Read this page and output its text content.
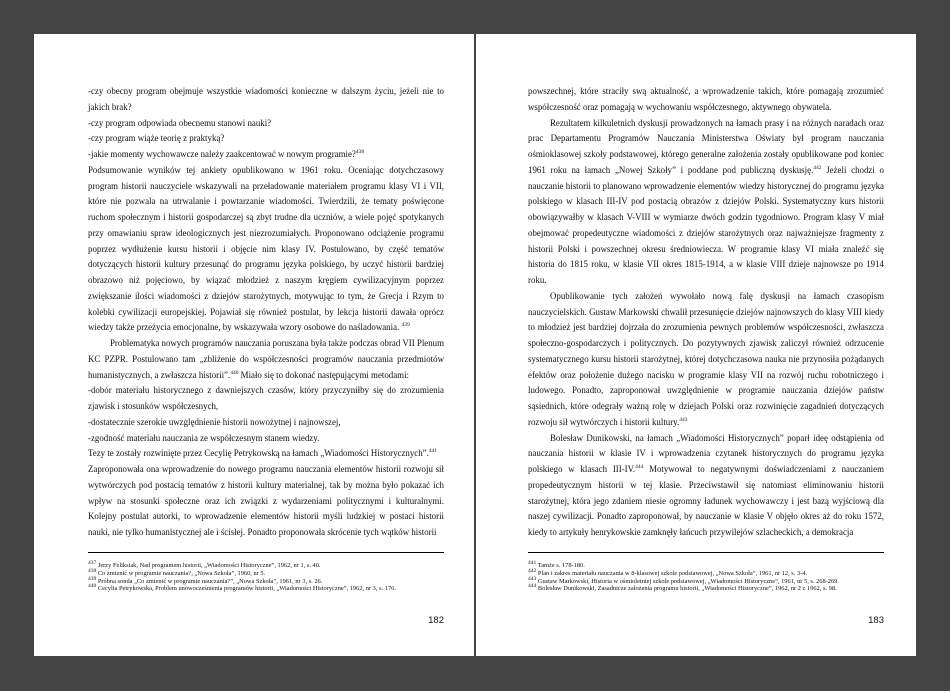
-czy obecny program obejmuje wszystkie wiadomości konieczne w dalszym życiu, jeżeli nie to jakich brak?

-czy program odpowiada obecnemu stanowi nauki?

-czy program wiąże teorię z praktyką?

-jakie momenty wychowawcze należy zaakcentować w nowym programie?$^{438}$

Podsumowanie wyników tej ankiety opublikowano w 1961 roku. Oceniając dotychczasowy program historii nauczyciele wskazywali na przeładowanie materiałem programu klasy VI i VII, które nie pozwala na utrwalanie i powtarzanie wiadomości. Twierdzili, że tematy poświęcone ruchom społecznym i historii gospodarczej są zbyt trudne dla uczniów, a wiele pojęć spotykanych przy omawianiu spraw ideologicznych jest niezrozumiałych. Proponowano odciążenie programu poprzez wydłużenie kursu historii i objęcie nim klasy IV. Postulowano, by część tematów dotyczących historii kultury przesunąć do programu języka polskiego, by uczyć historii bardziej obrazowo niż pojęciowo, by wiązać młodzież z naszym kręgiem cywilizacyjnym poprzez zwiększanie ilości wiadomości z dziejów starożytnych, motywując to tym, że Grecja i Rzym to kolebki cywilizacji europejskiej. Pojawiał się również postulat, by lekcja historii dawała oprócz wiedzy także przeżycia emocjonalne, by wskazywała wzory osobowe do naśladowania. $^{439}$

Problematyka nowych programów nauczania poruszana była także podczas obrad VII Plenum KC PZPR. Postulowano tam „zbliżenie do współczesności programów nauczania przedmiotów humanistycznych, a zwłaszcza historii”.$^{440}$ Miało się to dokonać następującymi metodami:

-dobór materiału historycznego z dawniejszych czasów, który przyczyniłby się do zrozumienia zjawisk i stosunków współczesnych,

-dostatecznie szerokie uwzględnienie historii nowożytnej i najnowszej,

-zgodność materiału nauczania ze współczesnym stanem wiedzy.

Tezy te zostały rozwinięte przez Cecylię Petrykowską na łamach „Wiadomości Historycznych”.$^{441}$

Zaproponowała ona wprowadzenie do nowego programu nauczania elementów historii rozwoju sił wytwórczych pod postacią tematów z historii kultury materialnej, tak by można było pokazać ich wpływ na stosunki społeczne oraz ich związki z wydarzeniami politycznymi i kulturalnymi. Kolejny postulat autorki, to wprowadzenie elementów historii myśli ludzkiej w postaci historii nauki, nie tylko humanistycznej ale i ścisłej. Ponadto proponowała skrócenie tych wątków historii

$^{437}$ Jerzy Feliksiak, Nad programem historii, „Wiadomości Historyczne”, 1962, nr 1, s. 40.

$^{438}$ Co zmienić w programie nauczania?, „Nowa Szkoła”, 1960, nr 5.

$^{439}$ Próbna sonda „Co zmienić w programie nauczania?”, „Nowa Szkoła”, 1961, nr 3, s. 26.

$^{440}$ Cecylia Petrykowska, Problem unowocześnienia programów historii, „Wiadomości Historyczne”, 1962, nr 3, s. 176.

182

powszechnej, które straciły swą aktualność, a wprowadzenie takich, które pomagają zrozumieć współczesność oraz pomagają w wychowaniu współczesnego, aktywnego obywatela.

Rezultatem kilkuletnich dyskusji prowadzonych na łamach prasy i na różnych naradach oraz prac Departamentu Programów Nauczania Ministerstwa Oświaty był program nauczania ośmioklasowej szkoły podstawowej, którego generalne założenia zostały opublikowane pod koniec 1961 roku na łamach „Nowej Szkoły” i poddane pod publiczną dyskusję.$^{442}$ Jeżeli chodzi o nauczanie historii to planowano wprowadzenie elementów wiedzy historycznej do programu języka polskiego w klasach III-IV pod postacią obrazów z dziejów Polski. Systematyczny kurs historii obowiązywałby w klasach V-VIII w wymiarze dwóch godzin tygodniowo. Program klasy V miał obejmować propedeutyczne wiadomości z dziejów starożytnych oraz najważniejsze fragmenty z historii Polski i powszechnej okresu średniowiecza. W programie klasy VI miała znaleźć się historia do 1815 roku, w klasie VII okres 1815-1914, a w klasie VIII dzieje najnowsze po 1914 roku.

Opublikowanie tych założeń wywołało nową falę dyskusji na łamach czasopism nauczycielskich. Gustaw Markowski chwalił przesunięcie dziejów najnowszych do klasy VIII kiedy to młodzież jest bardziej dojrzała do zrozumienia pewnych problemów współczesności, zwłaszcza społeczno-gospodarczych i politycznych. Do pozytywnych zjawisk zaliczył również odrzucenie systematycznego kursu historii starożytnej, której dotychczasowa nauka nie przynosiła pożądanych efektów oraz położenie dużego nacisku w programie klasy VII na rozwój ruchu robotniczego i ludowego. Ponadto, zaproponował uwzględnienie w programie nauczania dziejów państw sąsiednich, które odegrały ważną rolę w dziejach Polski oraz rozwinięcie zagadnień dotyczących rozwoju sił wytwórczych i historii kultury.$^{443}$

Bolesław Dunikowski, na łamach „Wiadomości Historycznych” poparł ideę odstąpienia od nauczania historii w klasie IV i wprowadzenia czytanek historycznych do programu języka polskiego w klasach III-IV.$^{444}$ Motywował to negatywnymi doświadczeniami z nauczaniem propedeutycznym historii w tej klasie. Przeciwstawił się natomiast eliminowaniu historii starożytnej, która jego zdaniem niesie ogromny ładunek wychowawczy i jest bazą wyjściową dla naszej cywilizacji. Ponadto zaproponował, by nauczanie w klasie V objęło okres aż do roku 1572, kiedy to artykuły henrykowskie zamknęły łańcuch przywilejów szlacheckich, a demokracja

$^{441}$ Tamże s. 178-180.

$^{442}$ Plan i zakres materiału nauczania w 8-klasowej szkole podstawowej, „Nowa Szkoła”, 1961, nr 12, s. 3-4.

$^{443}$ Gustaw Markowski, Historia w ośmioletniej szkole podstawowej, „Wiadomości Historyczne”, 1961, nr 5, s. 268-269.

$^{444}$ Bolesław Dunikowski, Zasadnicze założenia programu historii, „Wiadomości Historyczne”, 1962, nr 2 z 1962, s. 98.

183
